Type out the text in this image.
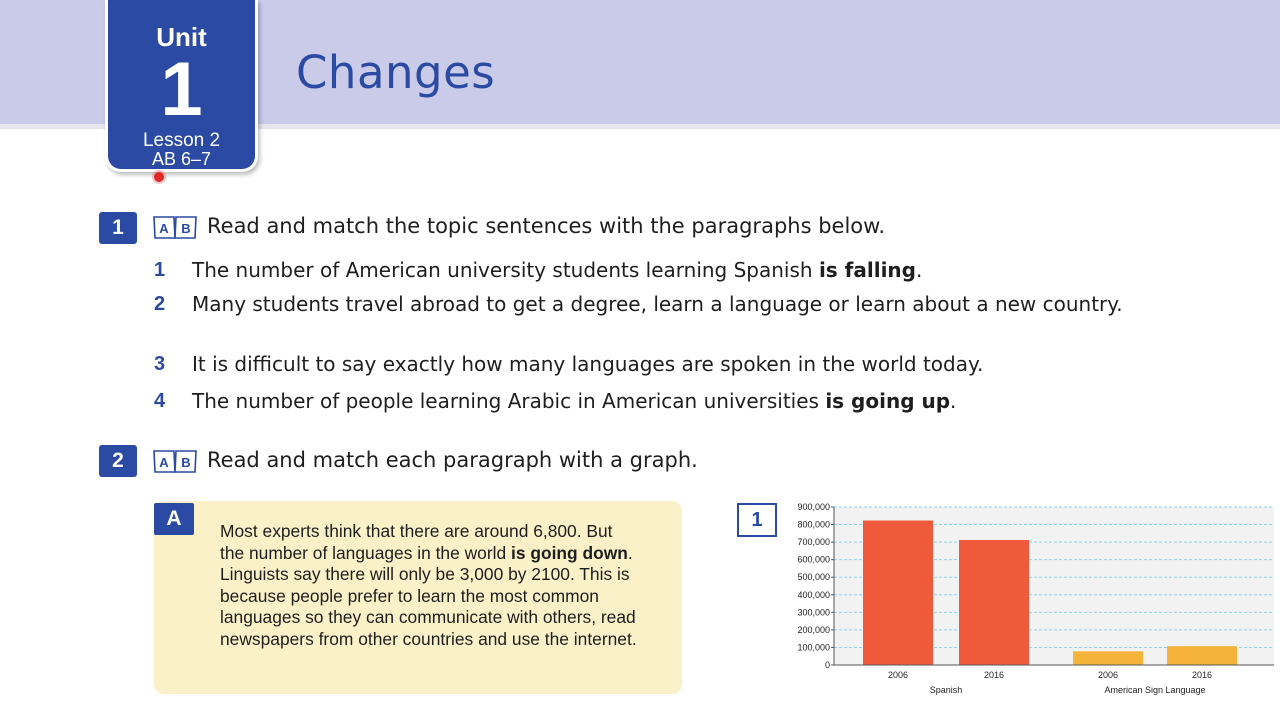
Unit
1
Lesson 2
AB 6–7
Changes
1	A B Read and match the topic sentences with the paragraphs below.
1 The number of American university students learning Spanish is falling.
2 Many students travel abroad to get a degree, learn a language or learn about a new country.
3 It is difficult to say exactly how many languages are spoken in the world today.
4 The number of people learning Arabic in American universities is going up.
2	A B Read and match each paragraph with a graph.
A
Most experts think that there are around 6,800. But the number of languages in the world is going down. Linguists say there will only be 3,000 by 2100. This is because people prefer to learn the most common languages so they can communicate with others, read newspapers from other countries and use the internet.
1
900,000
800,000
700,000
600,000
500,000
400,000
300,000
200,000
100,000
0
2006	2016
Spanish
2006	2016
American Sign Language
